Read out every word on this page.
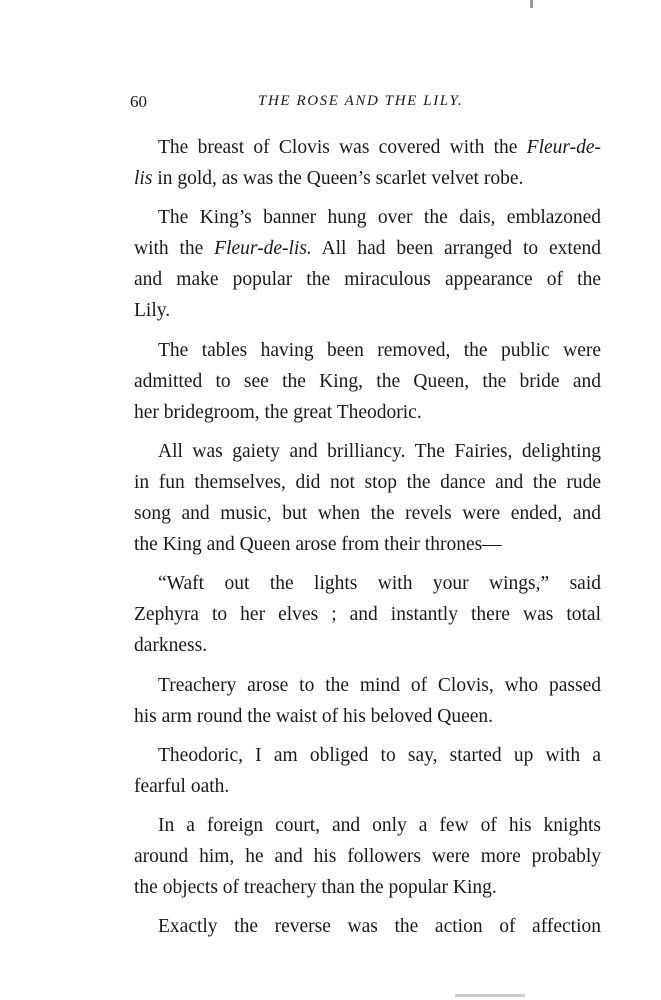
60	THE ROSE AND THE LILY.

The breast of Clovis was covered with the Fleur-de-
lis in gold, as was the Queen’s scarlet velvet robe.

The King’s banner hung over the dais, emblazoned
with the Fleur-de-lis. All had been arranged to extend
and make popular the miraculous appearance of the
Lily.

The tables having been removed, the public were
admitted to see the King, the Queen, the bride and
her bridegroom, the great Theodoric.

All was gaiety and brilliancy. The Fairies, delighting
in fun themselves, did not stop the dance and the rude
song and music, but when the revels were ended, and
the King and Queen arose from their thrones—

“Waft out the lights with your wings,” said
Zephyra to her elves ; and instantly there was total
darkness.

Treachery arose to the mind of Clovis, who passed
his arm round the waist of his beloved Queen.

Theodoric, I am obliged to say, started up with a
fearful oath.

In a foreign court, and only a few of his knights
around him, he and his followers were more probably
the objects of treachery than the popular King.

Exactly the reverse was the action of affection
